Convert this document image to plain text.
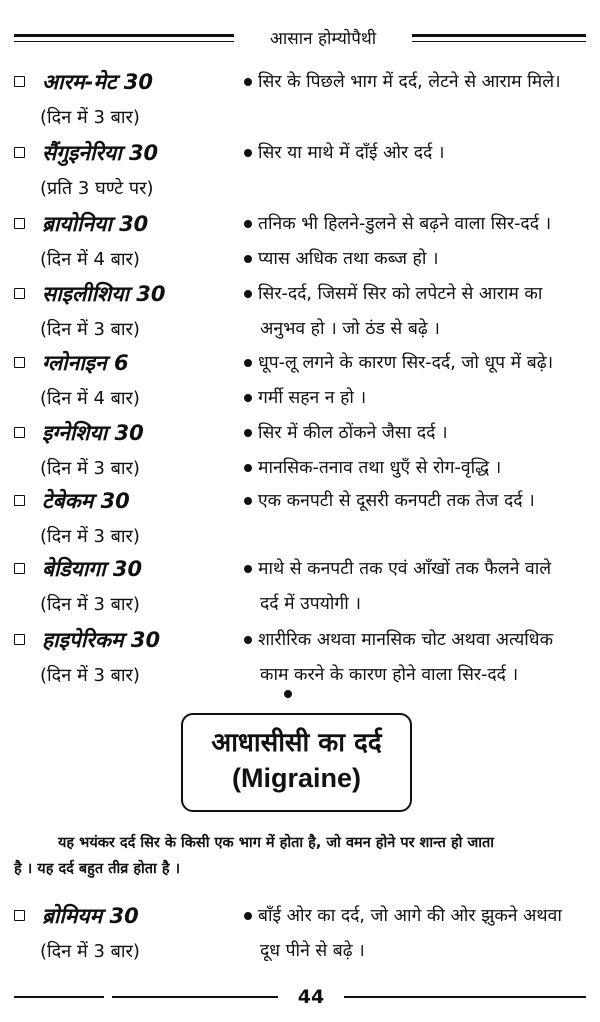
आसान होम्योपैथी
आरम-मेट 30	सिर के पिछले भाग में दर्द, लेटने से आराम मिले।
(दिन में 3 बार)
सैंगुइनेरिया 30	सिर या माथे में दाँई ओर दर्द ।
(प्रति 3 घण्टे पर)
ब्रायोनिया 30	तनिक भी हिलने-डुलने से बढ़ने वाला सिर-दर्द ।
(दिन में 4 बार)	प्यास अधिक तथा कब्ज हो ।
साइलीशिया 30	सिर-दर्द, जिसमें सिर को लपेटने से आराम का
(दिन में 3 बार)	अनुभव हो । जो ठंड से बढ़े ।
ग्लोनाइन 6	धूप-लू लगने के कारण सिर-दर्द, जो धूप में बढ़े।
(दिन में 4 बार)	गर्मी सहन न हो ।
इग्नेशिया 30	सिर में कील ठोंकने जैसा दर्द ।
(दिन में 3 बार)	मानसिक-तनाव तथा धुएँ से रोग-वृद्धि ।
टेबेकम 30	एक कनपटी से दूसरी कनपटी तक तेज दर्द ।
(दिन में 3 बार)
बेडियागा 30	माथे से कनपटी तक एवं आँखों तक फैलने वाले
(दिन में 3 बार)	दर्द में उपयोगी ।
हाइपेरिकम 30	शारीरिक अथवा मानसिक चोट अथवा अत्यधिक
(दिन में 3 बार)	काम करने के कारण होने वाला सिर-दर्द ।
आधासीसी का दर्द
(Migraine)
यह भयंकर दर्द सिर के किसी एक भाग में होता है, जो वमन होने पर शान्त हो जाता
है । यह दर्द बहुत तीव्र होता है ।
ब्रोमियम 30	बाँई ओर का दर्द, जो आगे की ओर झुकने अथवा
(दिन में 3 बार)	दूध पीने से बढ़े ।
44
